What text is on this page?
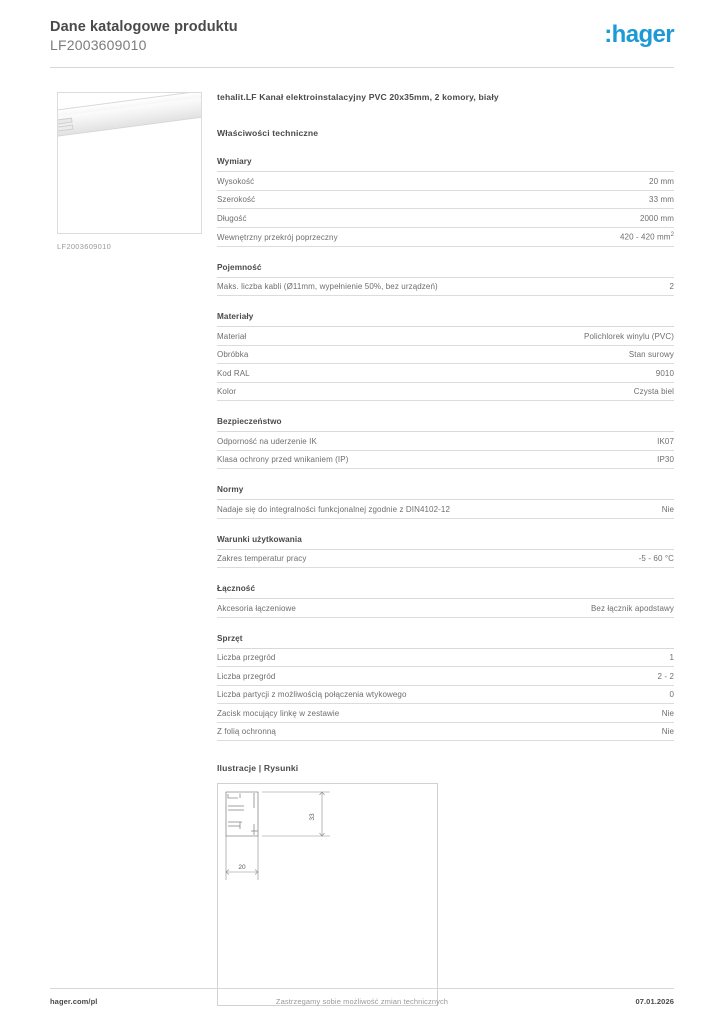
Dane katalogowe produktu
LF2003609010	:hager
LF2003609010
tehalit.LF Kanał elektroinstalacyjny PVC 20x35mm, 2 komory, biały
Właściwości techniczne
Wymiary
Wysokość	20 mm
Szerokość	33 mm
Długość	2000 mm
Wewnętrzny przekrój poprzeczny	420 - 420 $mm^2$
Pojemność
Maks. liczba kabli (Ø11mm, wypełnienie 50%, bez urządzeń)	2
Materiały
Materiał	Polichlorek winylu (PVC)
Obróbka	Stan surowy
Kod RAL	9010
Kolor	Czysta biel
Bezpieczeństwo
Odporność na uderzenie IK	IK07
Klasa ochrony przed wnikaniem (IP)	IP30
Normy
Nadaje się do integralności funkcjonalnej zgodnie z DIN4102-12	Nie
Warunki użytkowania
Zakres temperatur pracy	-5 - 60 °C
Łączność
Akcesoria łączeniowe	Bez łącznik apodstawy
Sprzęt
Liczba przegród	1
Liczba przegród	2 - 2
Liczba partycji z możliwością połączenia wtykowego	0
Zacisk mocujący linkę w zestawie	Nie
Z folią ochronną	Nie
Ilustracje | Rysunki
33
20
hager.com/pl	Zastrzegamy sobie możliwość zmian technicznych	07.01.2026
